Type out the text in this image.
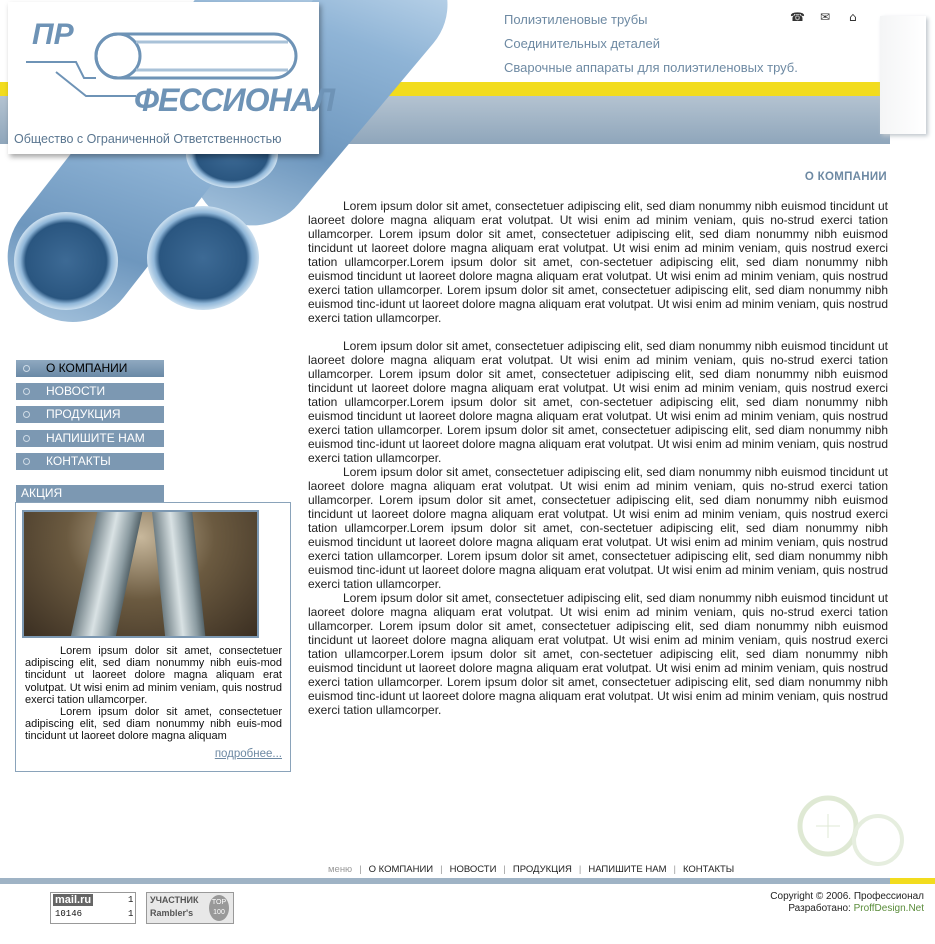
ПР
ФЕССИОНАЛ
Общество с Ограниченной Ответственностью
Полиэтиленовые трубы
Соединительных деталей
Сварочные аппараты для полиэтиленовых труб.
☎ ✉ ⌂
О КОМПАНИИ

Lorem ipsum dolor sit amet, consectetuer adipiscing elit, sed diam nonummy nibh euismod tincidunt ut laoreet dolore magna aliquam erat volutpat. Ut wisi enim ad minim veniam, quis no-strud exerci tation ullamcorper. Lorem ipsum dolor sit amet, consectetuer adipiscing elit, sed diam nonummy nibh euismod tincidunt ut laoreet dolore magna aliquam erat volutpat. Ut wisi enim ad minim veniam, quis nostrud exerci tation ullamcorper.Lorem ipsum dolor sit amet, con-sectetuer adipiscing elit, sed diam nonummy nibh euismod tincidunt ut laoreet dolore magna aliquam erat volutpat. Ut wisi enim ad minim veniam, quis nostrud exerci tation ullamcorper. Lorem ipsum dolor sit amet, consectetuer adipiscing elit, sed diam nonummy nibh euismod tinc-idunt ut laoreet dolore magna aliquam erat volutpat. Ut wisi enim ad minim veniam, quis nostrud exerci tation ullamcorper.

Lorem ipsum dolor sit amet, consectetuer adipiscing elit, sed diam nonummy nibh euismod tincidunt ut laoreet dolore magna aliquam erat volutpat. Ut wisi enim ad minim veniam, quis no-strud exerci tation ullamcorper. Lorem ipsum dolor sit amet, consectetuer adipiscing elit, sed diam nonummy nibh euismod tincidunt ut laoreet dolore magna aliquam erat volutpat. Ut wisi enim ad minim veniam, quis nostrud exerci tation ullamcorper.Lorem ipsum dolor sit amet, con-sectetuer adipiscing elit, sed diam nonummy nibh euismod tincidunt ut laoreet dolore magna aliquam erat volutpat. Ut wisi enim ad minim veniam, quis nostrud exerci tation ullamcorper. Lorem ipsum dolor sit amet, consectetuer adipiscing elit, sed diam nonummy nibh euismod tinc-idunt ut laoreet dolore magna aliquam erat volutpat. Ut wisi enim ad minim veniam, quis nostrud exerci tation ullamcorper.

Lorem ipsum dolor sit amet, consectetuer adipiscing elit, sed diam nonummy nibh euismod tincidunt ut laoreet dolore magna aliquam erat volutpat. Ut wisi enim ad minim veniam, quis no-strud exerci tation ullamcorper. Lorem ipsum dolor sit amet, consectetuer adipiscing elit, sed diam nonummy nibh euismod tincidunt ut laoreet dolore magna aliquam erat volutpat. Ut wisi enim ad minim veniam, quis nostrud exerci tation ullamcorper.Lorem ipsum dolor sit amet, con-sectetuer adipiscing elit, sed diam nonummy nibh euismod tincidunt ut laoreet dolore magna aliquam erat volutpat. Ut wisi enim ad minim veniam, quis nostrud exerci tation ullamcorper. Lorem ipsum dolor sit amet, consectetuer adipiscing elit, sed diam nonummy nibh euismod tinc-idunt ut laoreet dolore magna aliquam erat volutpat. Ut wisi enim ad minim veniam, quis nostrud exerci tation ullamcorper.

Lorem ipsum dolor sit amet, consectetuer adipiscing elit, sed diam nonummy nibh euismod tincidunt ut laoreet dolore magna aliquam erat volutpat. Ut wisi enim ad minim veniam, quis no-strud exerci tation ullamcorper. Lorem ipsum dolor sit amet, consectetuer adipiscing elit, sed diam nonummy nibh euismod tincidunt ut laoreet dolore magna aliquam erat volutpat. Ut wisi enim ad minim veniam, quis nostrud exerci tation ullamcorper.Lorem ipsum dolor sit amet, con-sectetuer adipiscing elit, sed diam nonummy nibh euismod tincidunt ut laoreet dolore magna aliquam erat volutpat. Ut wisi enim ad minim veniam, quis nostrud exerci tation ullamcorper. Lorem ipsum dolor sit amet, consectetuer adipiscing elit, sed diam nonummy nibh euismod tinc-idunt ut laoreet dolore magna aliquam erat volutpat. Ut wisi enim ad minim veniam, quis nostrud exerci tation ullamcorper.

О КОМПАНИИ
НОВОСТИ
ПРОДУКЦИЯ
НАПИШИТЕ НАМ
КОНТАКТЫ
АКЦИЯ

Lorem ipsum dolor sit amet, consectetuer adipiscing elit, sed diam nonummy nibh euis-mod tincidunt ut laoreet dolore magna aliquam erat volutpat. Ut wisi enim ad minim veniam, quis nostrud exerci tation ullamcorper.

Lorem ipsum dolor sit amet, consectetuer adipiscing elit, sed diam nonummy nibh euis-mod tincidunt ut laoreet dolore magna aliquam

подробнее...
меню | О КОМПАНИИ | НОВОСТИ | ПРОДУКЦИЯ | НАПИШИТЕ НАМ | КОНТАКТЫ
mail.ru
10146
1
1
УЧАСТНИК
Rambler's
TOP
100
Copyright © 2006. Профессионал
Разработано: ProffDesign.Net
